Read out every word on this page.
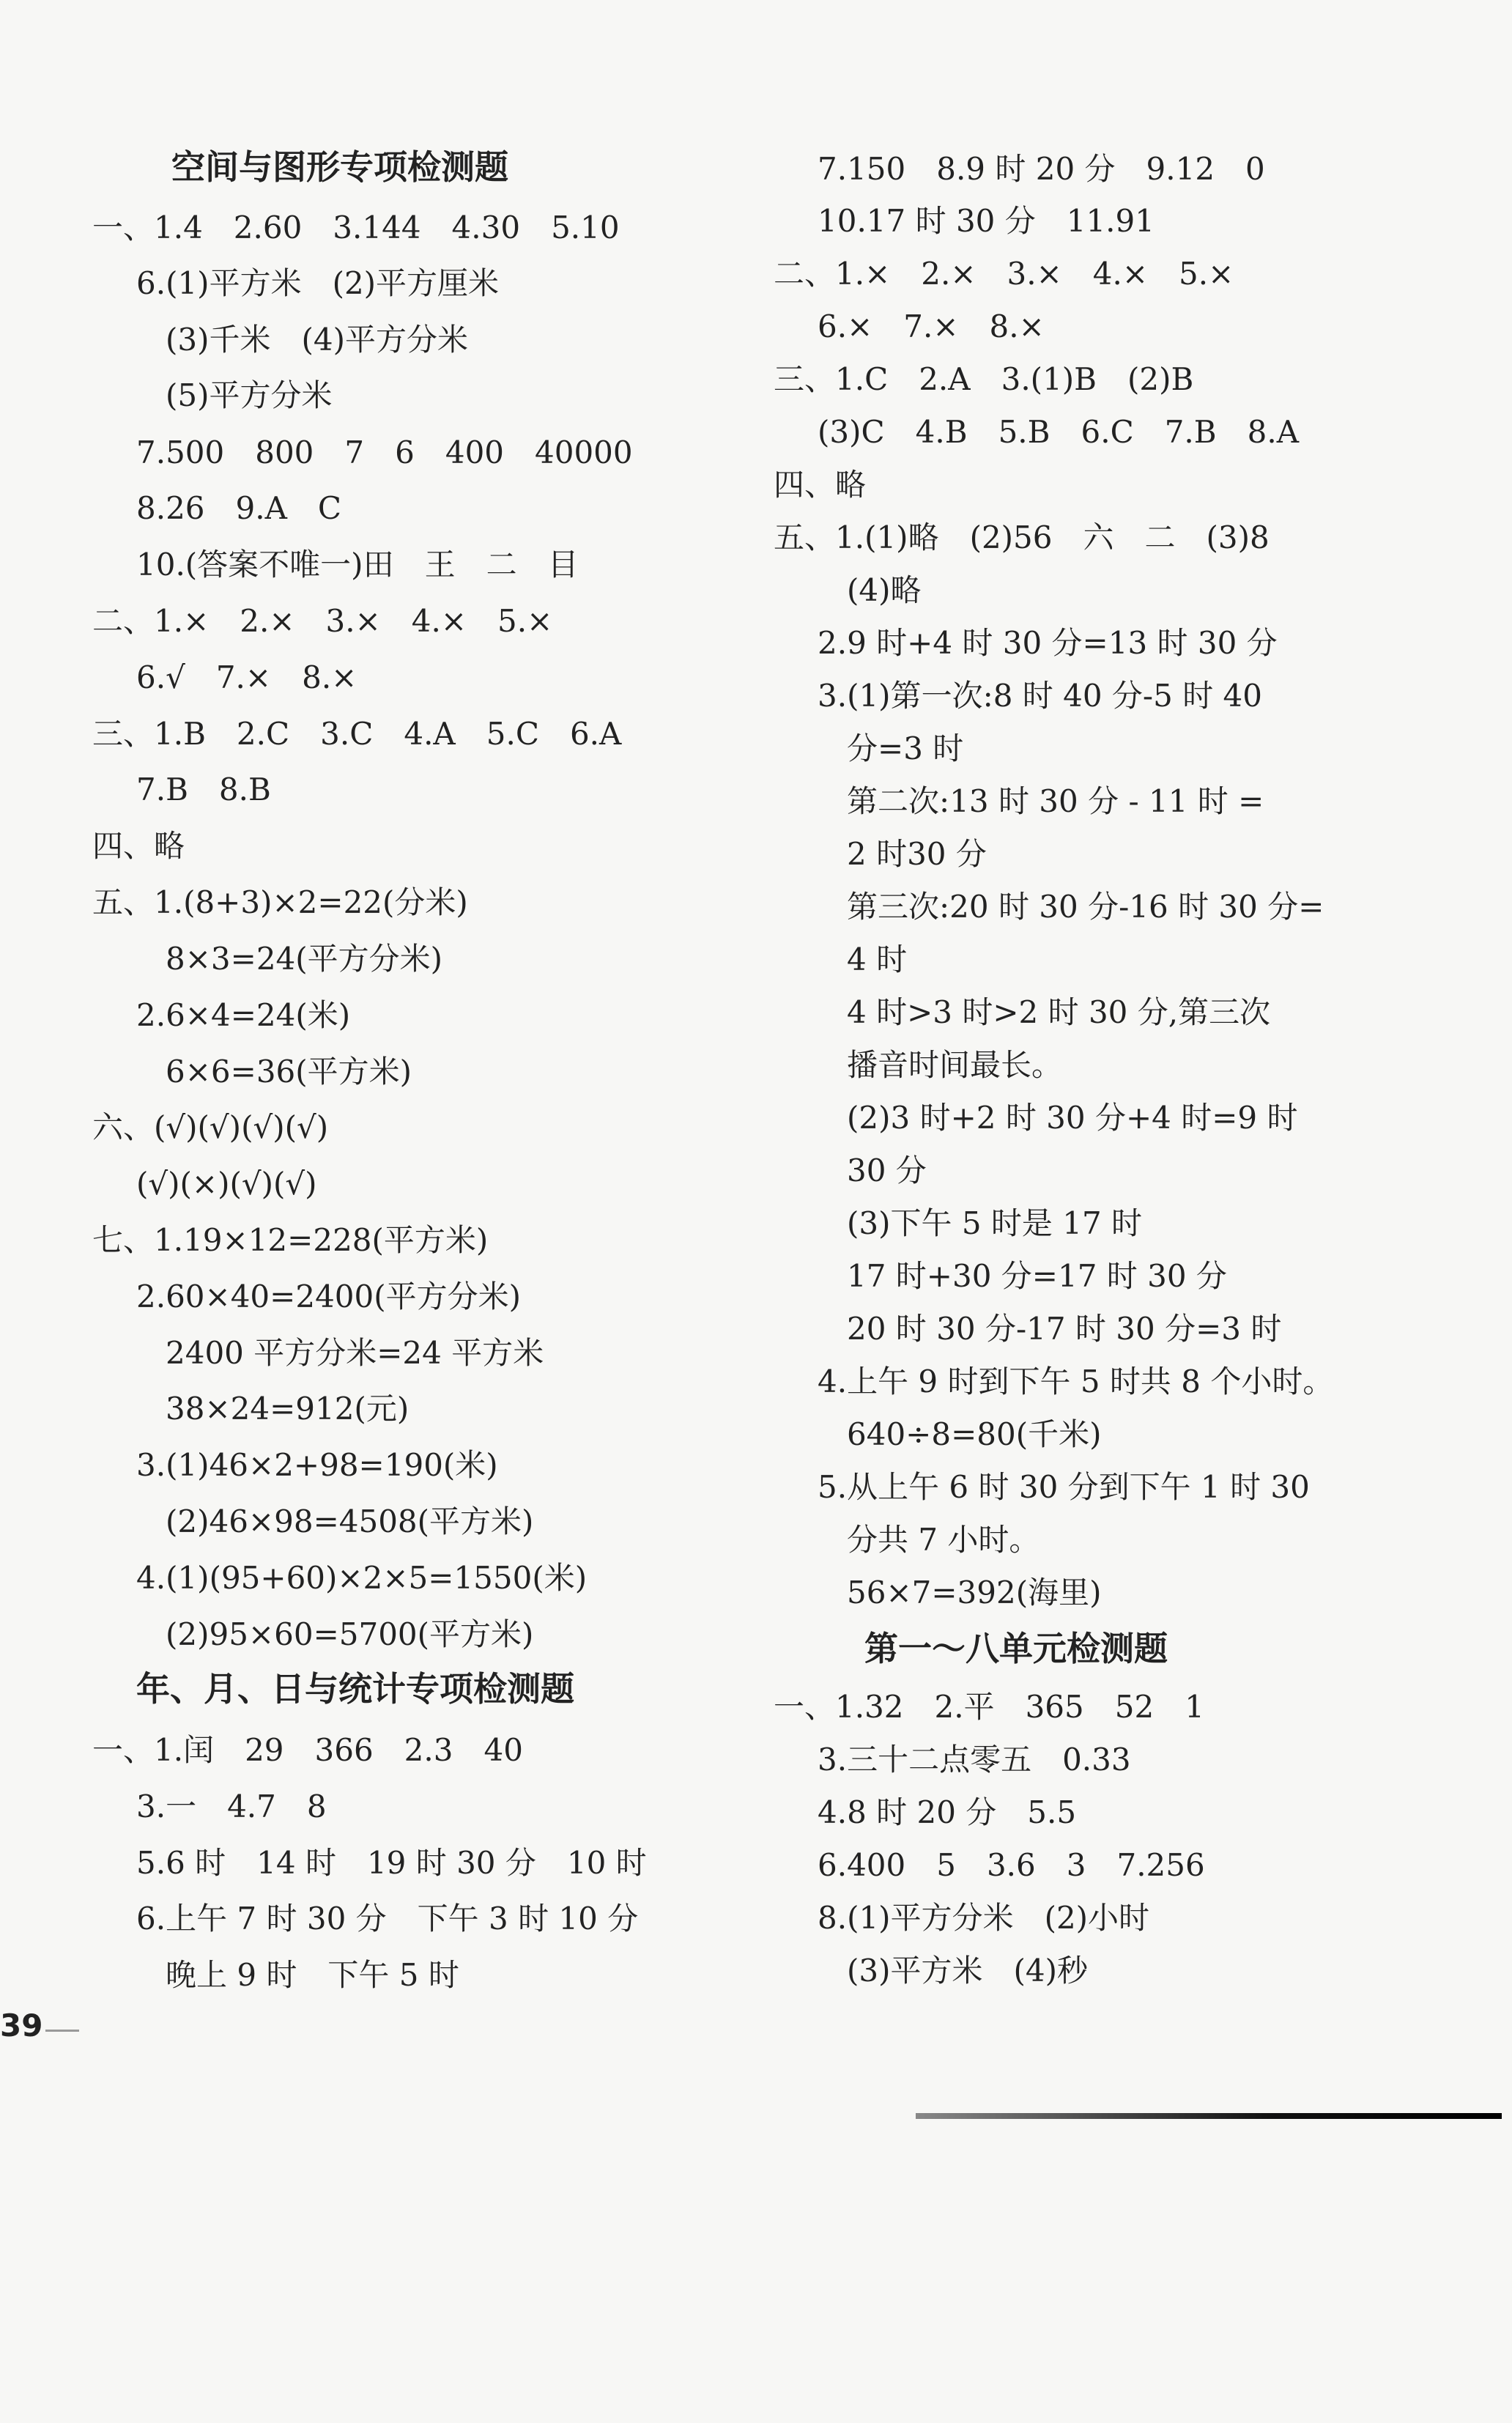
空间与图形专项检测题
一、1.4　2.60　3.144　4.30　5.10
6.(1)平方米　(2)平方厘米
(3)千米　(4)平方分米
(5)平方分米
7.500　800　7　6　400　40000
8.26　9.A　C
10.(答案不唯一)田　王　二　目
二、1.×　2.×　3.×　4.×　5.×
6.√　7.×　8.×
三、1.B　2.C　3.C　4.A　5.C　6.A
7.B　8.B
四、略
五、1.(8+3)×2=22(分米)
8×3=24(平方分米)
2.6×4=24(米)
6×6=36(平方米)
六、(√)(√)(√)(√)
(√)(×)(√)(√)
七、1.19×12=228(平方米)
2.60×40=2400(平方分米)
2400 平方分米=24 平方米
38×24=912(元)
3.(1)46×2+98=190(米)
(2)46×98=4508(平方米)
4.(1)(95+60)×2×5=1550(米)
(2)95×60=5700(平方米)
年、月、日与统计专项检测题
一、1.闰　29　366　2.3　40
3.一　4.7　8
5.6 时　14 时　19 时 30 分　10 时
6.上午 7 时 30 分　下午 3 时 10 分
晚上 9 时　下午 5 时
39
7.150　8.9 时 20 分　9.12　0
10.17 时 30 分　11.91
二、1.×　2.×　3.×　4.×　5.×
6.×　7.×　8.×
三、1.C　2.A　3.(1)B　(2)B
(3)C　4.B　5.B　6.C　7.B　8.A
四、略
五、1.(1)略　(2)56　六　二　(3)8
(4)略
2.9 时+4 时 30 分=13 时 30 分
3.(1)第一次:8 时 40 分-5 时 40
分=3 时
第二次:13 时 30 分 - 11 时 =
2 时30 分
第三次:20 时 30 分-16 时 30 分=
4 时
4 时>3 时>2 时 30 分,第三次
播音时间最长。
(2)3 时+2 时 30 分+4 时=9 时
30 分
(3)下午 5 时是 17 时
17 时+30 分=17 时 30 分
20 时 30 分-17 时 30 分=3 时
4.上午 9 时到下午 5 时共 8 个小时。
640÷8=80(千米)
5.从上午 6 时 30 分到下午 1 时 30
分共 7 小时。
56×7=392(海里)
第一～八单元检测题
一、1.32　2.平　365　52　1
3.三十二点零五　0.33
4.8 时 20 分　5.5
6.400　5　3.6　3　7.256
8.(1)平方分米　(2)小时
(3)平方米　(4)秒
